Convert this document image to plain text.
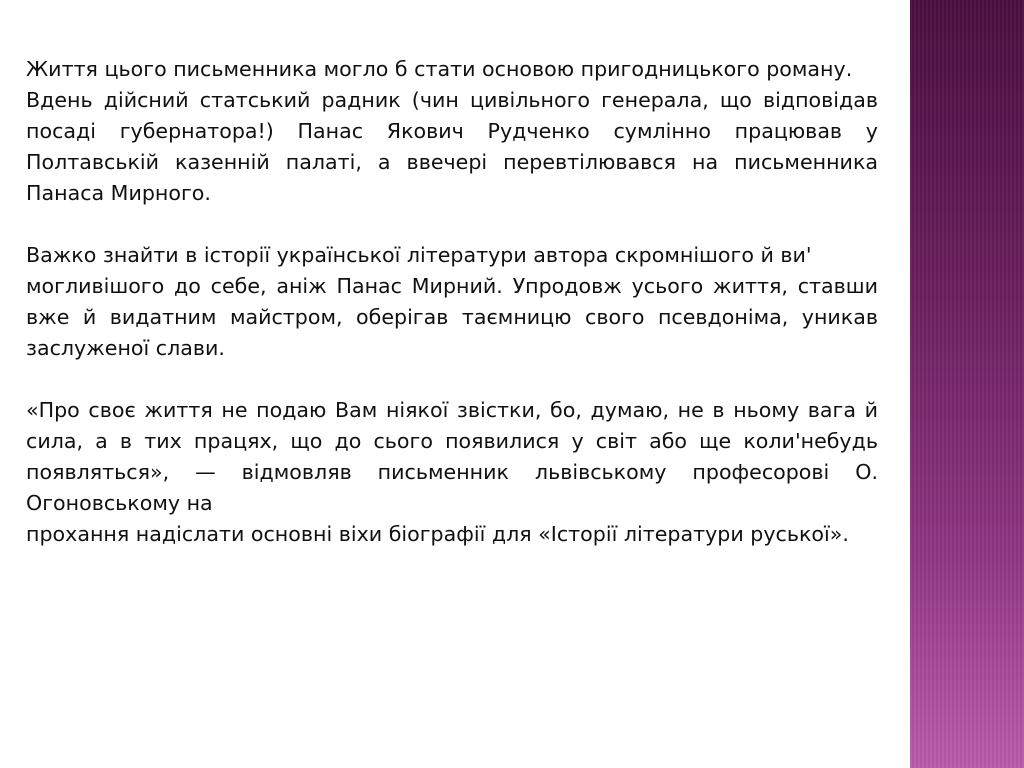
Життя цього письменника могло б стати основою пригодницького роману.

Вдень дійсний статський радник (чин цивільного генерала, що відповідав посаді губернатора!) Панас Якович Рудченко сумлінно працював у Полтавській казенній палаті, а ввечері перевтілювався на письменника Панаса Мирного.

Важко знайти в історії української літератури автора скромнішого й ви'

могливішого до себе, аніж Панас Мирний. Упродовж усього життя, ставши вже й видатним майстром, оберігав таємницю свого псевдоніма, уникав заслуженої слави.

«Про своє життя не подаю Вам ніякої звістки, бо, думаю, не в ньому вага й сила, а в тих працях, що до сього появилися у світ або ще коли'небудь появляться», — відмовляв письменник львівському професорові О. Огоновському на

прохання надіслати основні віхи біографії для «Історії літератури руської».
